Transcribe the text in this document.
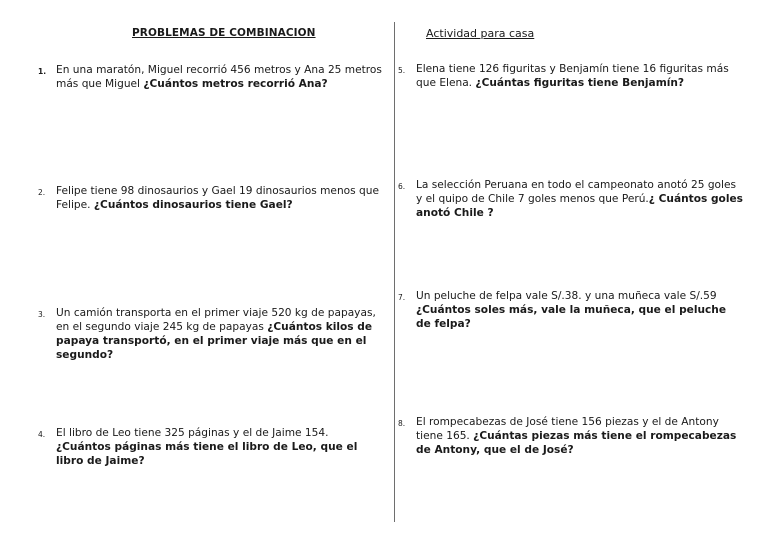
PROBLEMAS DE COMBINACION	Actividad para casa
1. En una maratón, Miguel recorrió 456 metros y Ana 25 metros más que Miguel ¿Cuántos metros recorrió Ana?
2. Felipe tiene 98 dinosaurios y Gael 19 dinosaurios menos que Felipe. ¿Cuántos dinosaurios tiene Gael?
3. Un camión transporta en el primer viaje 520 kg de papayas, en el segundo viaje 245 kg de papayas ¿Cuántos kilos de papaya transportó, en el primer viaje más que en el segundo?
4. El libro de Leo tiene 325 páginas y el de Jaime 154. ¿Cuántos páginas más tiene el libro de Leo, que el libro de Jaime?
5. Elena tiene 126 figuritas y Benjamín tiene 16 figuritas más que Elena. ¿Cuántas figuritas tiene Benjamín?
6. La selección Peruana en todo el campeonato anotó 25 goles y el quipo de Chile 7 goles menos que Perú.¿ Cuántos goles anotó Chile ?
7. Un peluche de felpa vale S/.38. y una muñeca vale S/.59 ¿Cuántos soles más, vale la muñeca, que el peluche de felpa?
8. El rompecabezas de José tiene 156 piezas y el de Antony tiene 165. ¿Cuántas piezas más tiene el rompecabezas de Antony, que el de José?
